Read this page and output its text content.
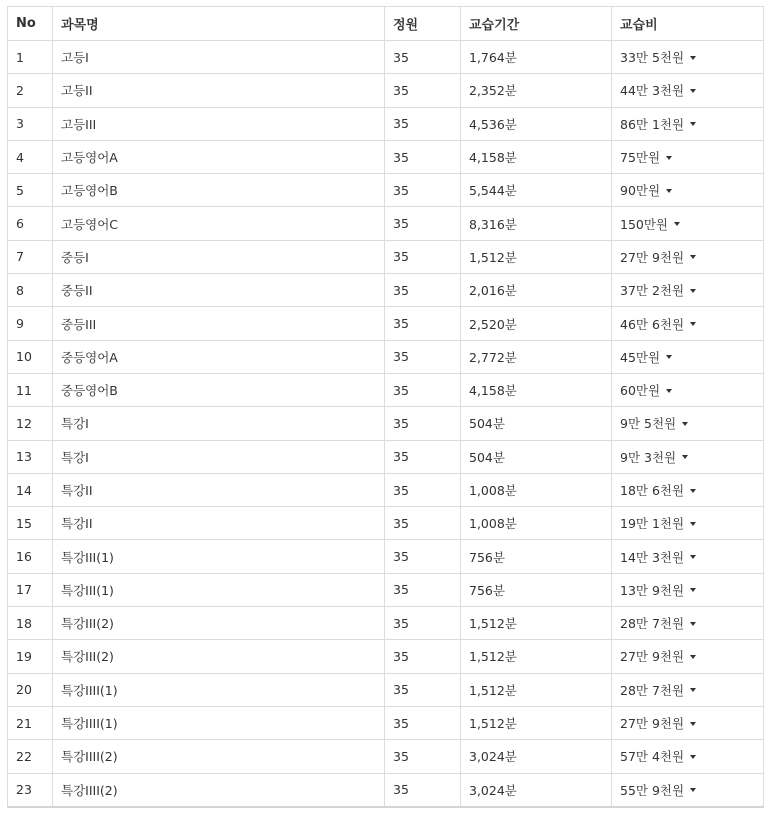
No	과목명	정원	교습기간	교습비
1	고등I	35	1,764분	33만 5천원
2	고등II	35	2,352분	44만 3천원
3	고등III	35	4,536분	86만 1천원
4	고등영어A	35	4,158분	75만원
5	고등영어B	35	5,544분	90만원
6	고등영어C	35	8,316분	150만원
7	중등I	35	1,512분	27만 9천원
8	중등II	35	2,016분	37만 2천원
9	중등III	35	2,520분	46만 6천원
10	중등영어A	35	2,772분	45만원
11	중등영어B	35	4,158분	60만원
12	특강I	35	504분	9만 5천원
13	특강I	35	504분	9만 3천원
14	특강II	35	1,008분	18만 6천원
15	특강II	35	1,008분	19만 1천원
16	특강III(1)	35	756분	14만 3천원
17	특강III(1)	35	756분	13만 9천원
18	특강III(2)	35	1,512분	28만 7천원
19	특강III(2)	35	1,512분	27만 9천원
20	특강IIII(1)	35	1,512분	28만 7천원
21	특강IIII(1)	35	1,512분	27만 9천원
22	특강IIII(2)	35	3,024분	57만 4천원
23	특강IIII(2)	35	3,024분	55만 9천원
